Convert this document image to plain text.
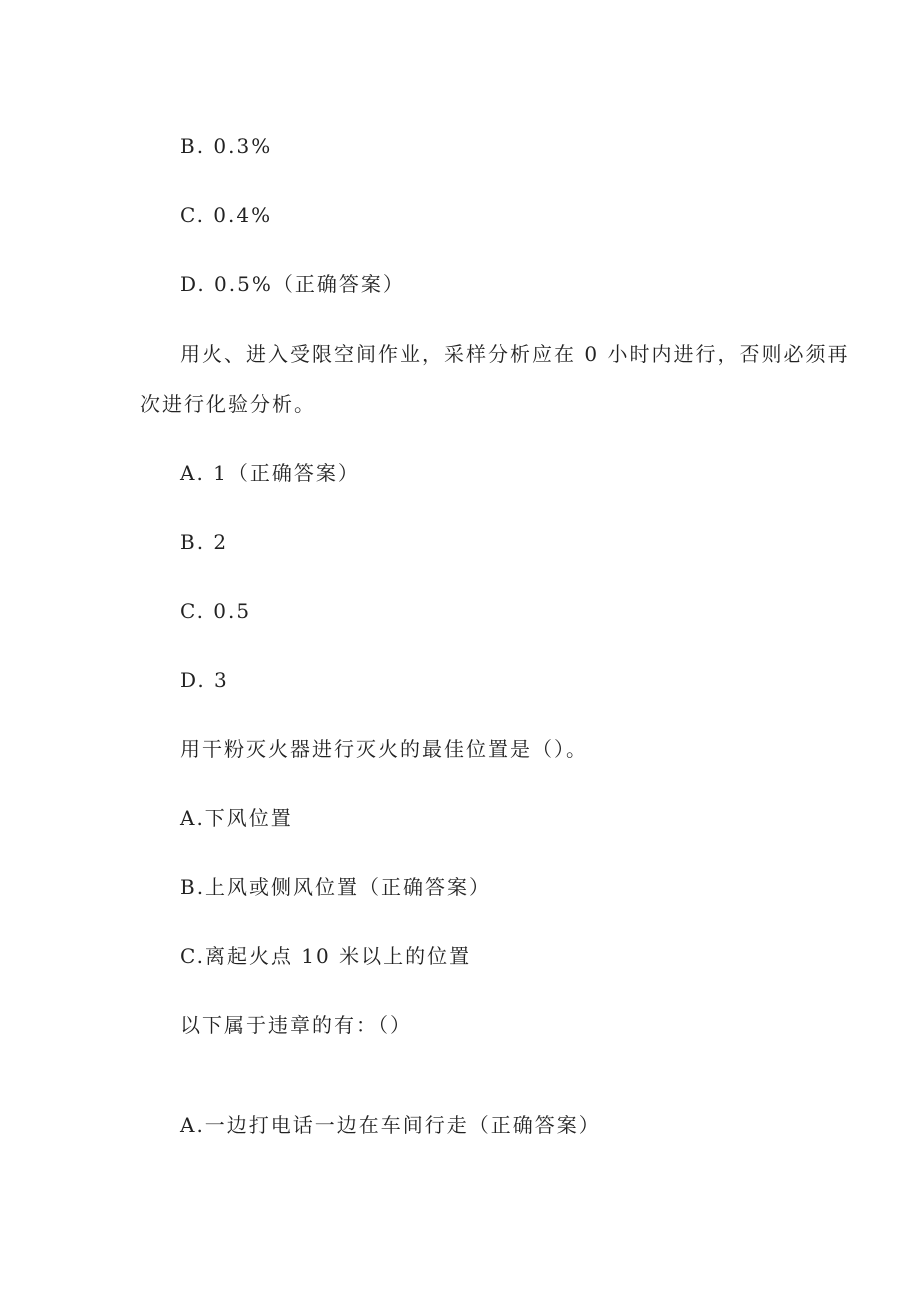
B. 0.3%
C. 0.4%
D. 0.5%（正确答案）
用火、进入受限空间作业，采样分析应在 0 小时内进行，否则必须再
次进行化验分析。
A. 1（正确答案）
B. 2
C. 0.5
D. 3
用干粉灭火器进行灭火的最佳位置是（）。
A.下风位置
B.上风或侧风位置（正确答案）
C.离起火点 10 米以上的位置
以下属于违章的有：（）
A.一边打电话一边在车间行走（正确答案）
